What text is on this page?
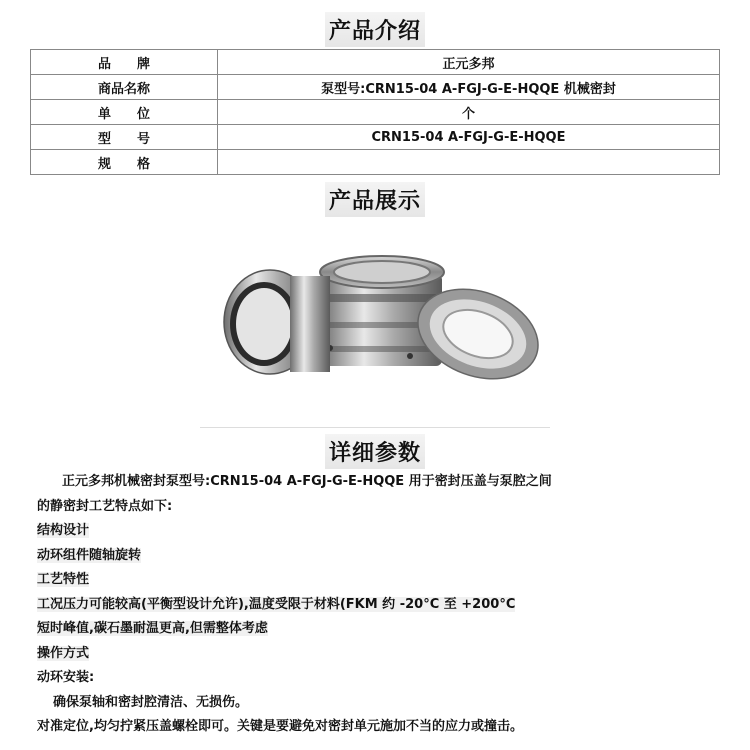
产品介绍
品　　牌	正元多邦
商品名称	泵型号:CRN15-04 A-FGJ-G-E-HQQE 机械密封
单　　位	个
型　　号	CRN15-04 A-FGJ-G-E-HQQE
规　　格	
产品展示
详细参数
正元多邦机械密封泵型号:CRN15-04 A-FGJ-G-E-HQQE 用于密封压盖与泵腔之间
的静密封工艺特点如下:
结构设计
动环组件随轴旋转
工艺特性
工况压力可能较高(平衡型设计允许),温度受限于材料(FKM 约 -20°C 至 +200°C
短时峰值,碳石墨耐温更高,但需整体考虑
操作方式
动环安装:
确保泵轴和密封腔清洁、无损伤。
对准定位,均匀拧紧压盖螺栓即可。关键是要避免对密封单元施加不当的应力或撞击。
